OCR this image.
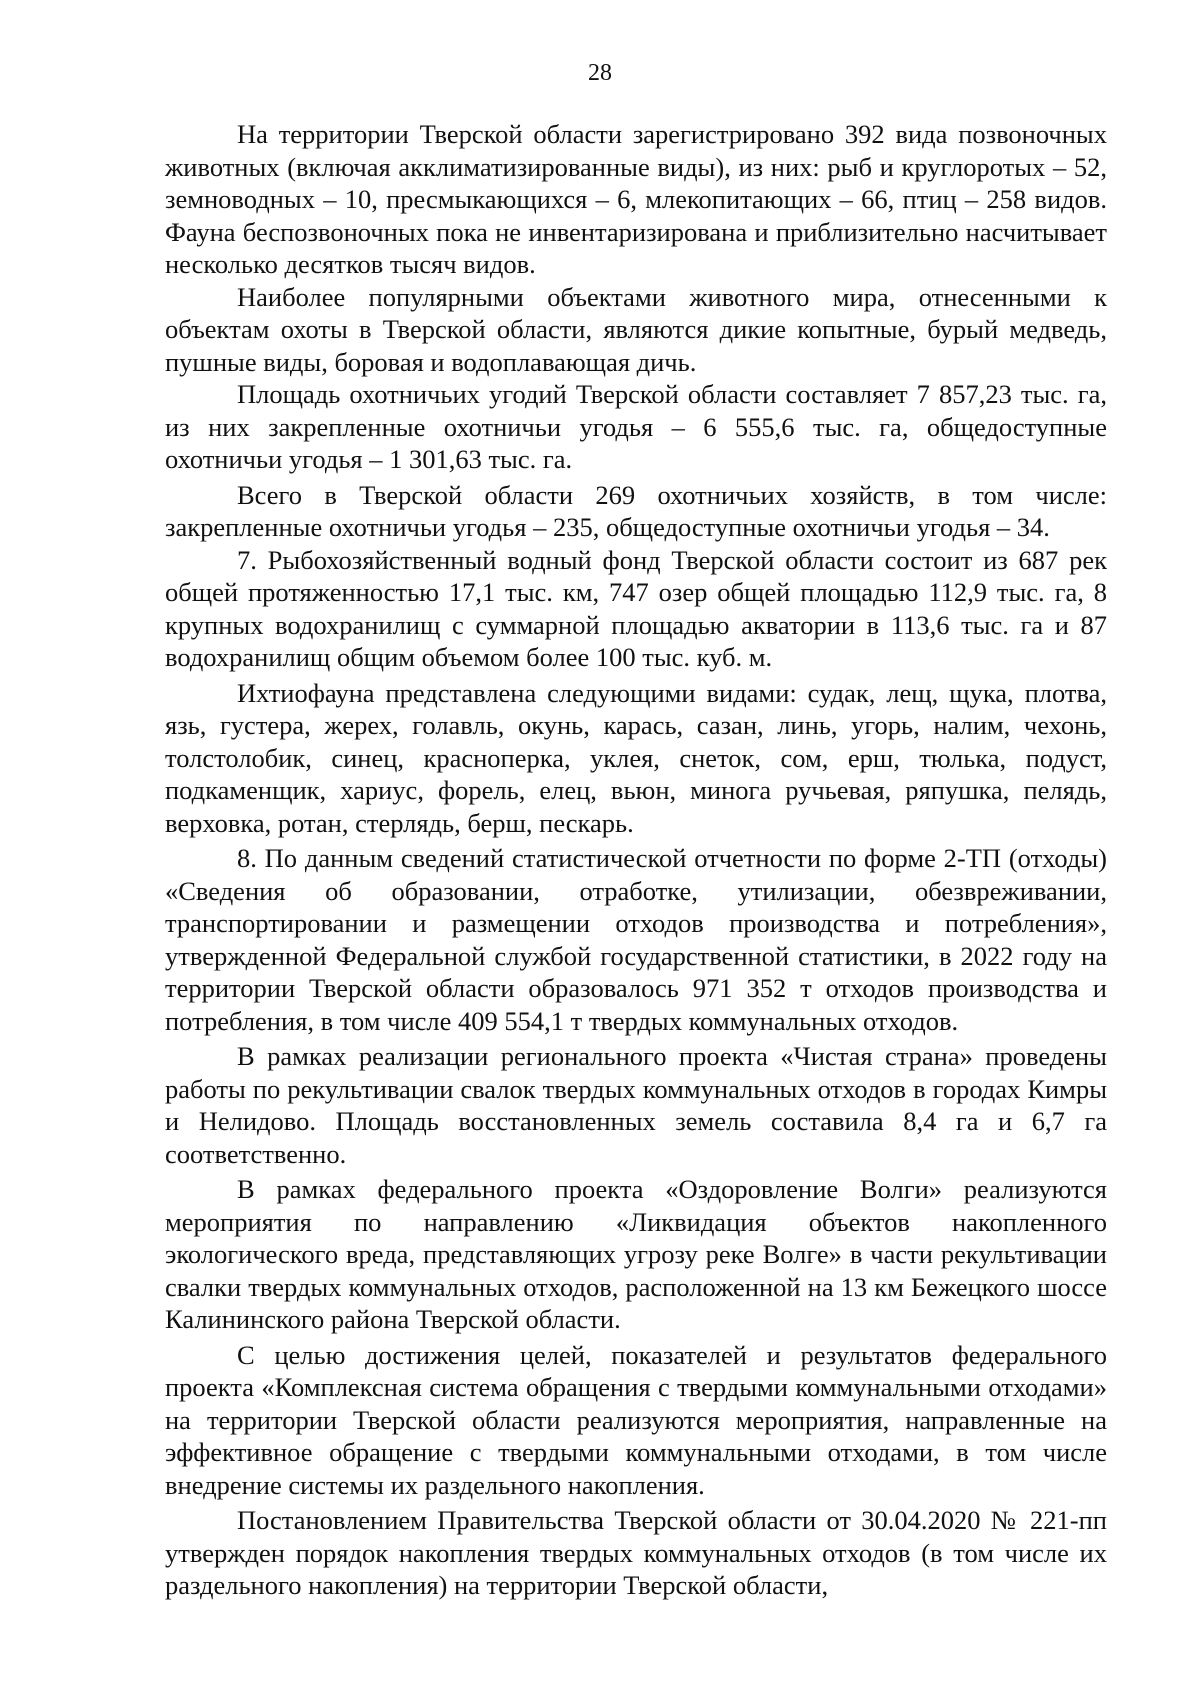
28

На территории Тверской области зарегистрировано 392 вида позвоночных животных (включая акклиматизированные виды), из них: рыб и круглоротых – 52, земноводных – 10, пресмыкающихся – 6, млекопитающих – 66, птиц – 258 видов. Фауна беспозвоночных пока не инвентаризирована и приблизительно насчитывает несколько десятков тысяч видов.

Наиболее популярными объектами животного мира, отнесенными к объектам охоты в Тверской области, являются дикие копытные, бурый медведь, пушные виды, боровая и водоплавающая дичь.

Площадь охотничьих угодий Тверской области составляет 7 857,23 тыс. га, из них закрепленные охотничьи угодья – 6 555,6 тыс. га, общедоступные охотничьи угодья – 1 301,63 тыс. га.

Всего в Тверской области 269 охотничьих хозяйств, в том числе: закрепленные охотничьи угодья – 235, общедоступные охотничьи угодья – 34.

7. Рыбохозяйственный водный фонд Тверской области состоит из 687 рек общей протяженностью 17,1 тыс. км, 747 озер общей площадью 112,9 тыс. га, 8 крупных водохранилищ с суммарной площадью акватории в 113,6 тыс. га и 87 водохранилищ общим объемом более 100 тыс. куб. м.

Ихтиофауна представлена следующими видами: судак, лещ, щука, плотва, язь, густера, жерех, голавль, окунь, карась, сазан, линь, угорь, налим, чехонь, толстолобик, синец, красноперка, уклея, снеток, сом, ерш, тюлька, подуст, подкаменщик, хариус, форель, елец, вьюн, минога ручьевая, ряпушка, пелядь, верховка, ротан, стерлядь, берш, пескарь.

8. По данным сведений статистической отчетности по форме 2-ТП (отходы) «Сведения об образовании, отработке, утилизации, обезвреживании, транспортировании и размещении отходов производства и потребления», утвержденной Федеральной службой государственной статистики, в 2022 году на территории Тверской области образовалось 971 352 т отходов производства и потребления, в том числе 409 554,1 т твердых коммунальных отходов.

В рамках реализации регионального проекта «Чистая страна» проведены работы по рекультивации свалок твердых коммунальных отходов в городах Кимры и Нелидово. Площадь восстановленных земель составила 8,4 га и 6,7 га соответственно.

В рамках федерального проекта «Оздоровление Волги» реализуются мероприятия по направлению «Ликвидация объектов накопленного экологического вреда, представляющих угрозу реке Волге» в части рекультивации свалки твердых коммунальных отходов, расположенной на 13 км Бежецкого шоссе Калининского района Тверской области.

С целью достижения целей, показателей и результатов федерального проекта «Комплексная система обращения с твердыми коммунальными отходами» на территории Тверской области реализуются мероприятия, направленные на эффективное обращение с твердыми коммунальными отходами, в том числе внедрение системы их раздельного накопления.

Постановлением Правительства Тверской области от 30.04.2020 № 221-пп утвержден порядок накопления твердых коммунальных отходов (в том числе их раздельного накопления) на территории Тверской области,
